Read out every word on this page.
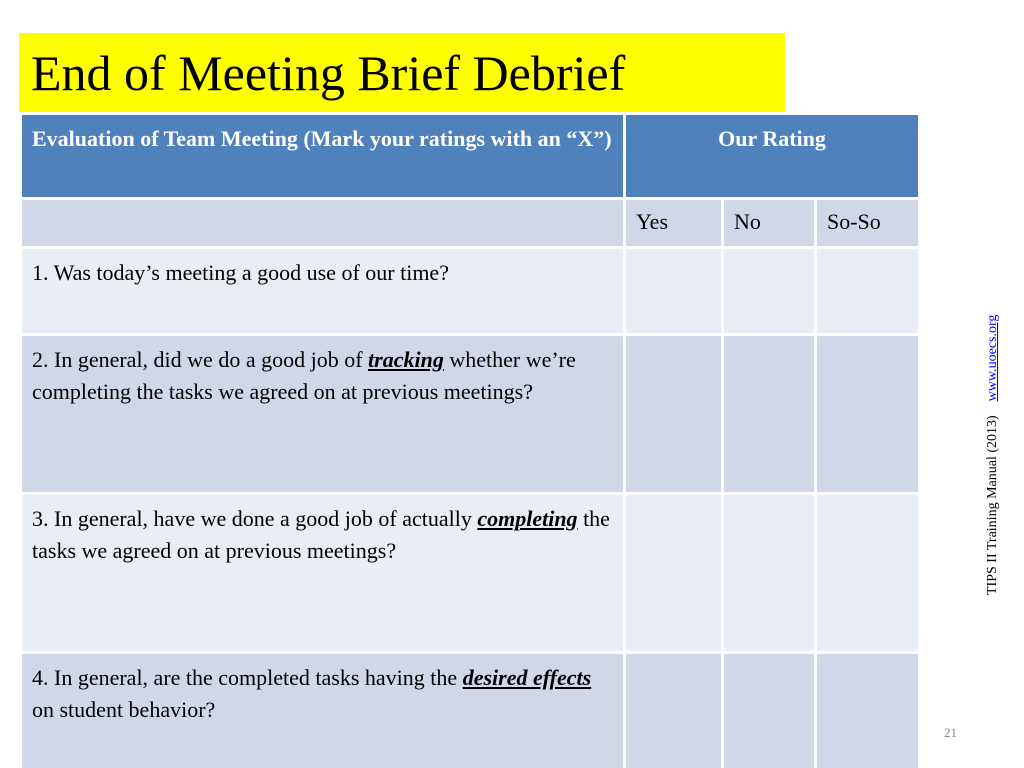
End of Meeting Brief Debrief
Evaluation of Team Meeting (Mark your ratings with an “X”)	Our Rating		
	Yes	No	So-So
1. Was today’s meeting a good use of our time?			
2. In general, did we do a good job of tracking whether we’re completing the tasks we agreed on at previous meetings?			
3. In general, have we done a good job of actually completing the tasks we agreed on at previous meetings?			
4. In general, are the completed tasks having the desired effects on student behavior?			
TIPS II Training Manual (2013)www.uoecs.org
21
